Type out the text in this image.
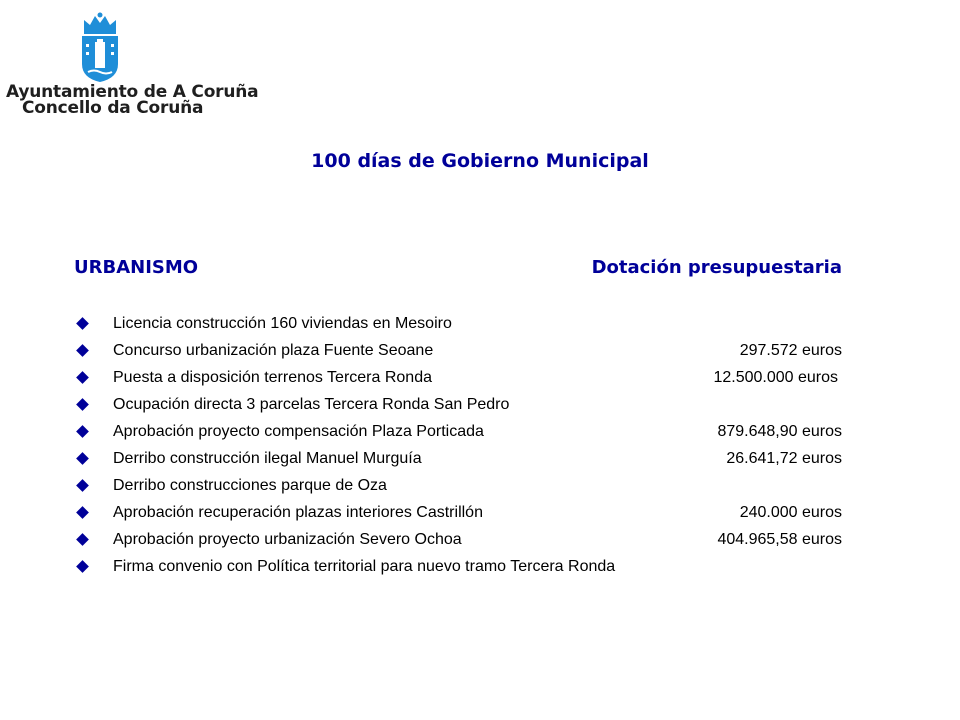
Ayuntamiento de A Coruña
Concello da Coruña
100 días de Gobierno Municipal
URBANISMO	Dotación presupuestaria
Licencia construcción 160 viviendas en Mesoiro
Concurso urbanización plaza Fuente Seoane	297.572 euros
Puesta a disposición terrenos Tercera Ronda	12.500.000 euros
Ocupación directa 3 parcelas Tercera Ronda San Pedro
Aprobación proyecto compensación Plaza Porticada	879.648,90 euros
Derribo construcción ilegal Manuel Murguía	26.641,72 euros
Derribo construcciones parque de Oza
Aprobación recuperación plazas interiores Castrillón	240.000 euros
Aprobación proyecto urbanización Severo Ochoa	404.965,58 euros
Firma convenio con Política territorial para nuevo tramo Tercera Ronda
